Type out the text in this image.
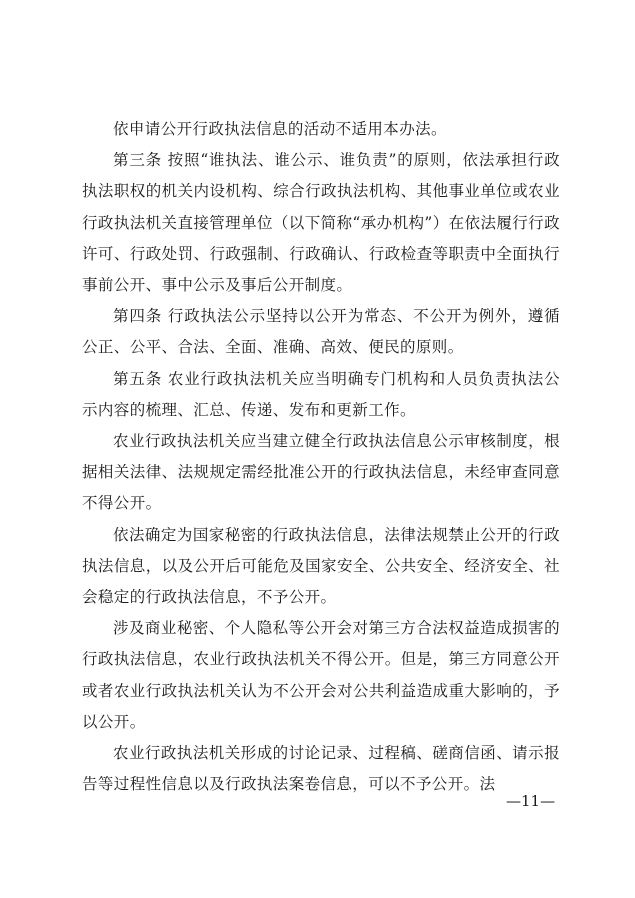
依申请公开行政执法信息的活动不适用本办法。

第三条 按照“谁执法、谁公示、谁负责”的原则，依法承担行政执法职权的机关内设机构、综合行政执法机构、其他事业单位或农业行政执法机关直接管理单位（以下简称“承办机构”）在依法履行行政许可、行政处罚、行政强制、行政确认、行政检查等职责中全面执行事前公开、事中公示及事后公开制度。

第四条 行政执法公示坚持以公开为常态、不公开为例外，遵循公正、公平、合法、全面、准确、高效、便民的原则。

第五条 农业行政执法机关应当明确专门机构和人员负责执法公示内容的梳理、汇总、传递、发布和更新工作。

农业行政执法机关应当建立健全行政执法信息公示审核制度，根据相关法律、法规规定需经批准公开的行政执法信息，未经审查同意不得公开。

依法确定为国家秘密的行政执法信息，法律法规禁止公开的行政执法信息，以及公开后可能危及国家安全、公共安全、经济安全、社会稳定的行政执法信息，不予公开。

涉及商业秘密、个人隐私等公开会对第三方合法权益造成损害的行政执法信息，农业行政执法机关不得公开。但是，第三方同意公开或者农业行政执法机关认为不公开会对公共利益造成重大影响的，予以公开。

农业行政执法机关形成的讨论记录、过程稿、磋商信函、请示报告等过程性信息以及行政执法案卷信息，可以不予公开。法

—11—
